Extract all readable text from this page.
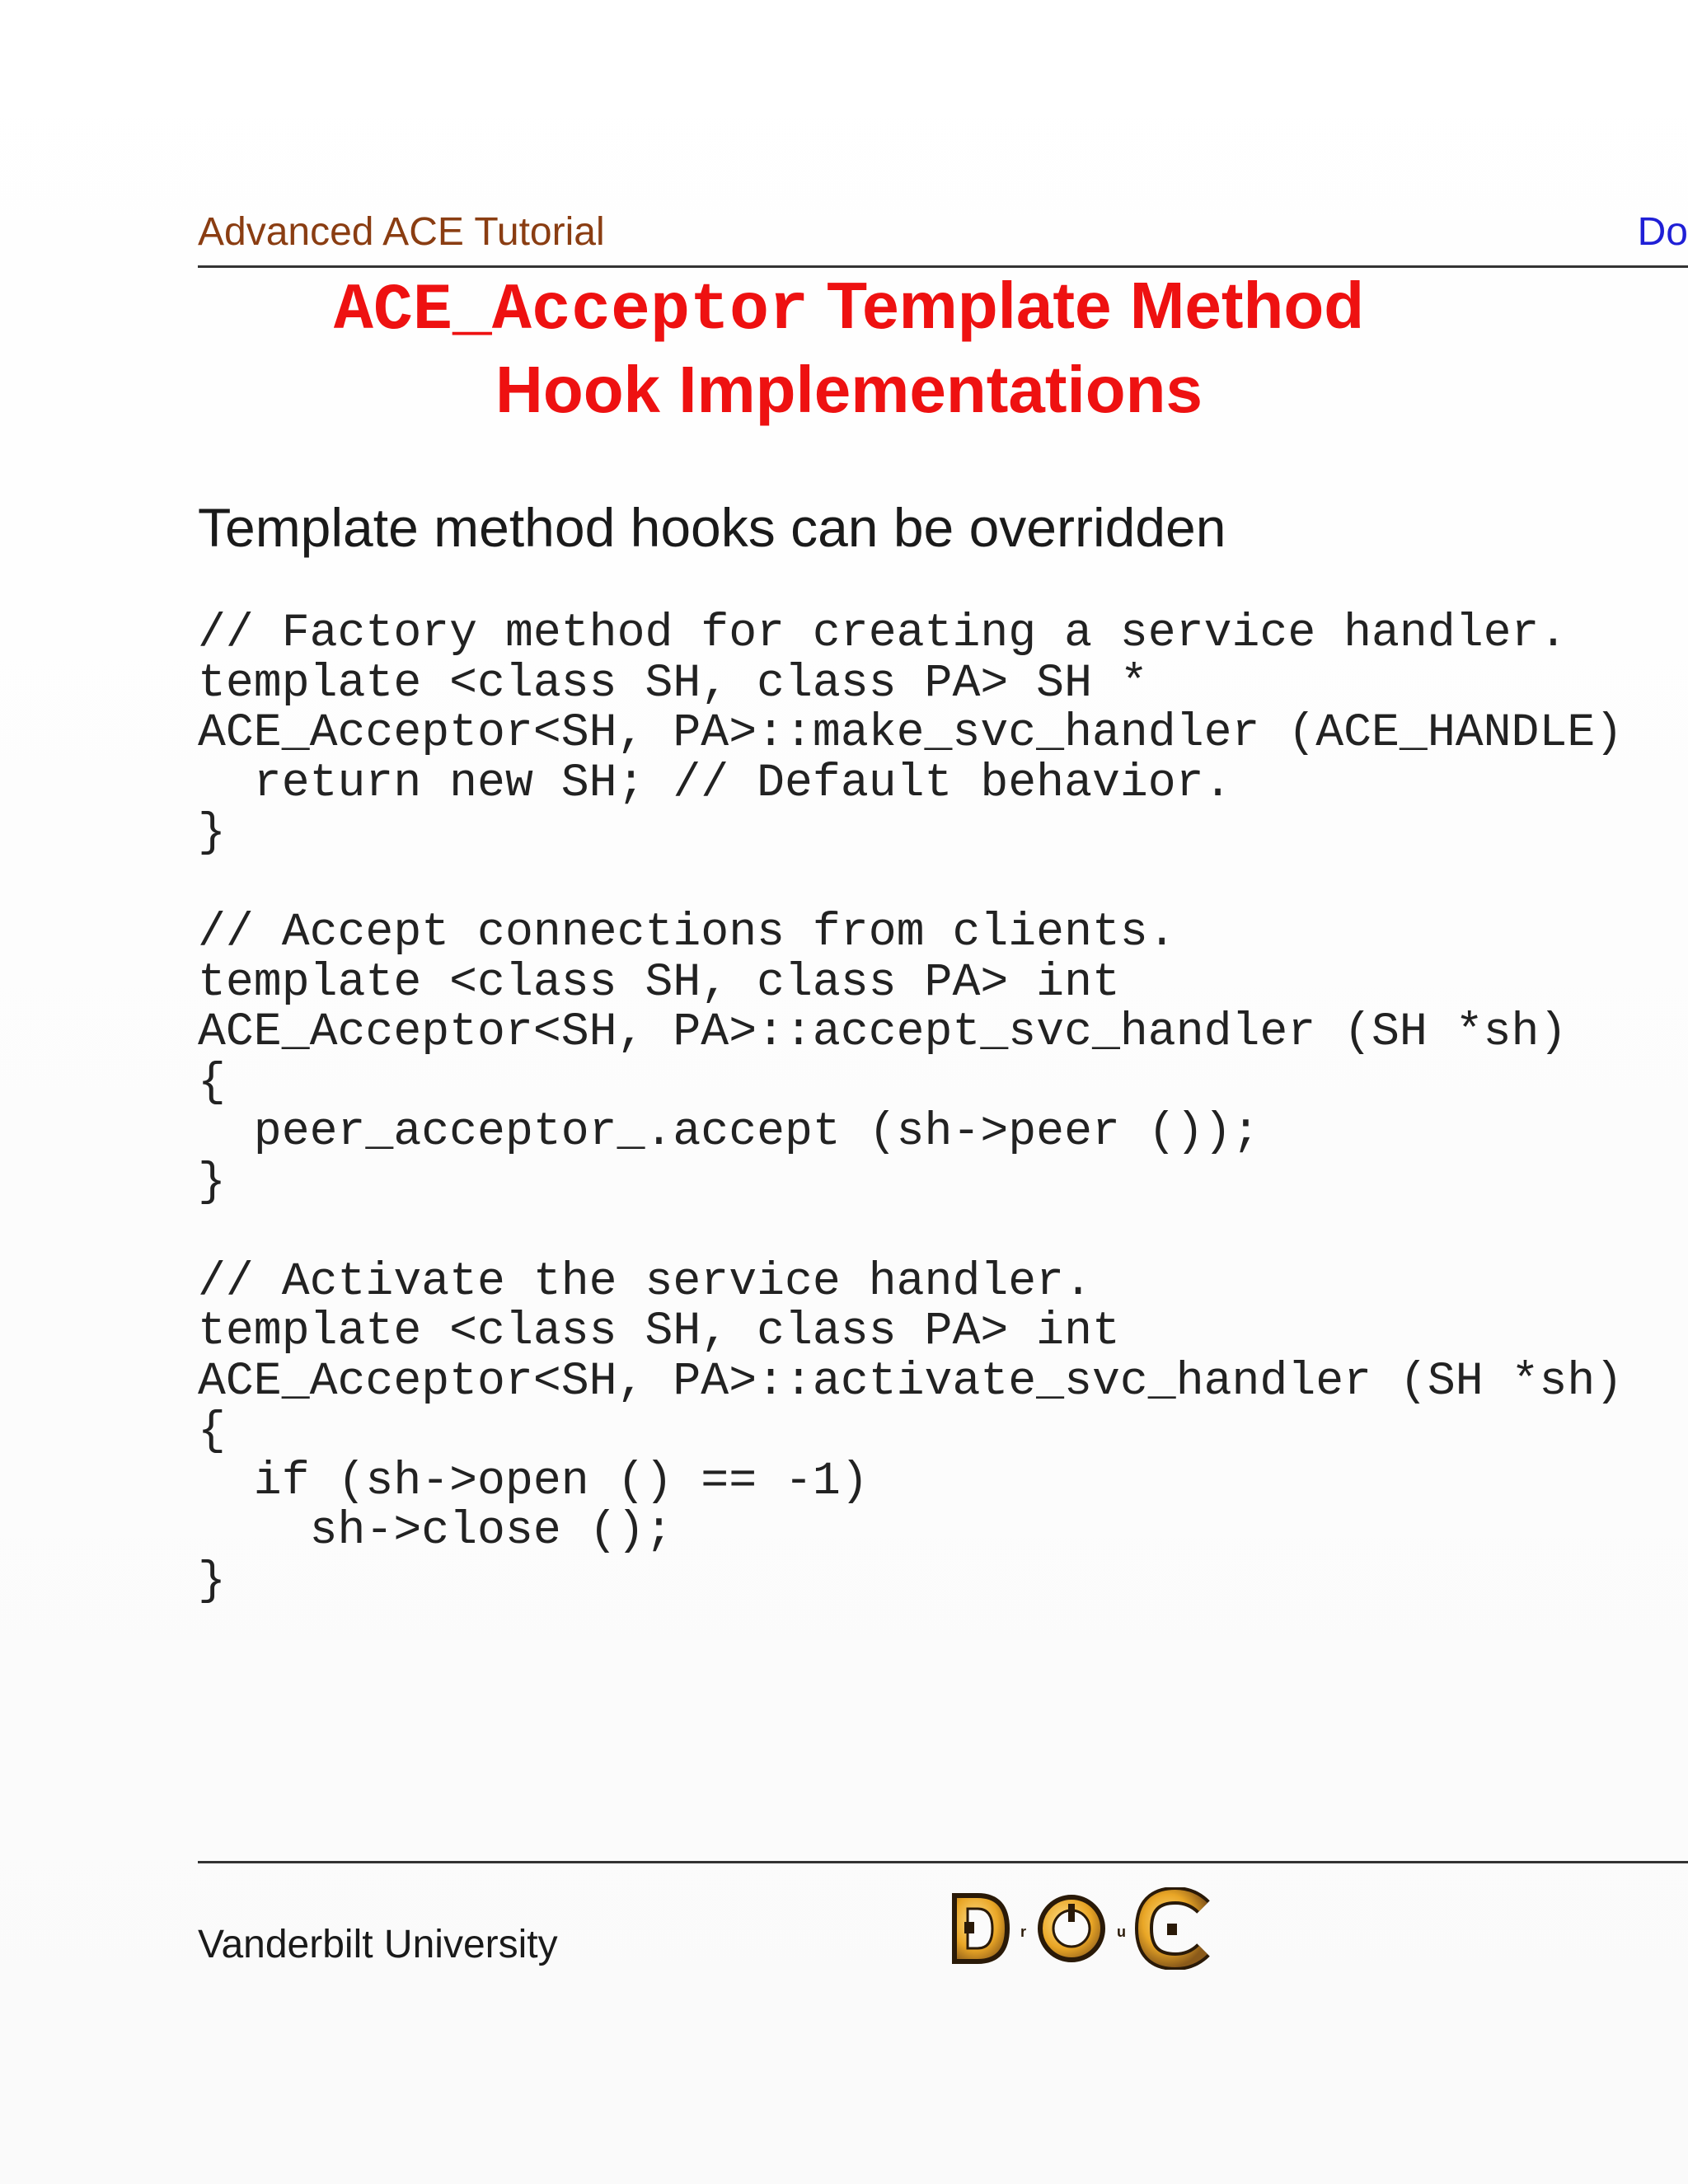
Advanced ACE Tutorial	Do
ACE_Acceptor Template Method
Hook Implementations
Template method hooks can be overridden
// Factory method for creating a service handler.
template <class SH, class PA> SH *
ACE_Acceptor<SH, PA>::make_svc_handler (ACE_HANDLE)
return new SH; // Default behavior.
}
// Accept connections from clients.
template <class SH, class PA> int
ACE_Acceptor<SH, PA>::accept_svc_handler (SH *sh)
{
peer_acceptor_.accept (sh->peer ());
}
// Activate the service handler.
template <class SH, class PA> int
ACE_Acceptor<SH, PA>::activate_svc_handler (SH *sh)
{
if (sh->open () == -1)
sh->close ();
}
Vanderbilt University	r	u
